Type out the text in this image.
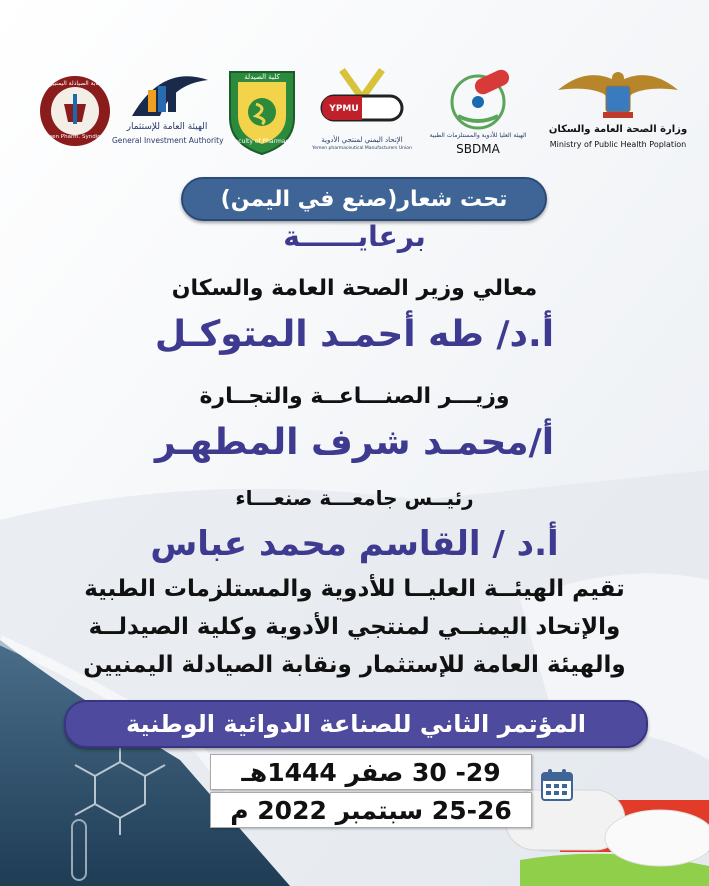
وزارة الصحة العامة والسكان
Ministry of Public Health Poplation
الهيئة العليا للأدوية والمستلزمات الطبية
SBDMA
YPMU
الإتحاد اليمني لمنتجي الأدوية
Yemen pharmaceutical Manufacturers Union
كلية الصيدلة
Faculty of Pharmacy
الهيئة العامة للإستثمار
General Investment Authority
نقابة الصيادلة اليمنيين
Yemen Pharm. Syndicate
تحت شعار(صنع في اليمن)
برعايــــــة
معالي وزير الصحة العامة والسكان
أ.د/ طه أحمـد المتوكـل
وزيـــر الصنـــاعــة والتجــارة
أ/محمـد شرف المطهـر
رئيــس جامعـــة صنعـــاء
أ.د / القاسم محمد عباس
تقيم الهيئــة العليــا للأدوية والمستلزمات الطبية
والإتحاد اليمنــي لمنتجي الأدوية وكلية الصيدلــة
والهيئة العامة للإستثمار ونقابة الصيادلة اليمنيين
المؤتمر الثاني للصناعة الدوائية الوطنية
29- 30 صفر 1444هـ
25-26 سبتمبر 2022 م
